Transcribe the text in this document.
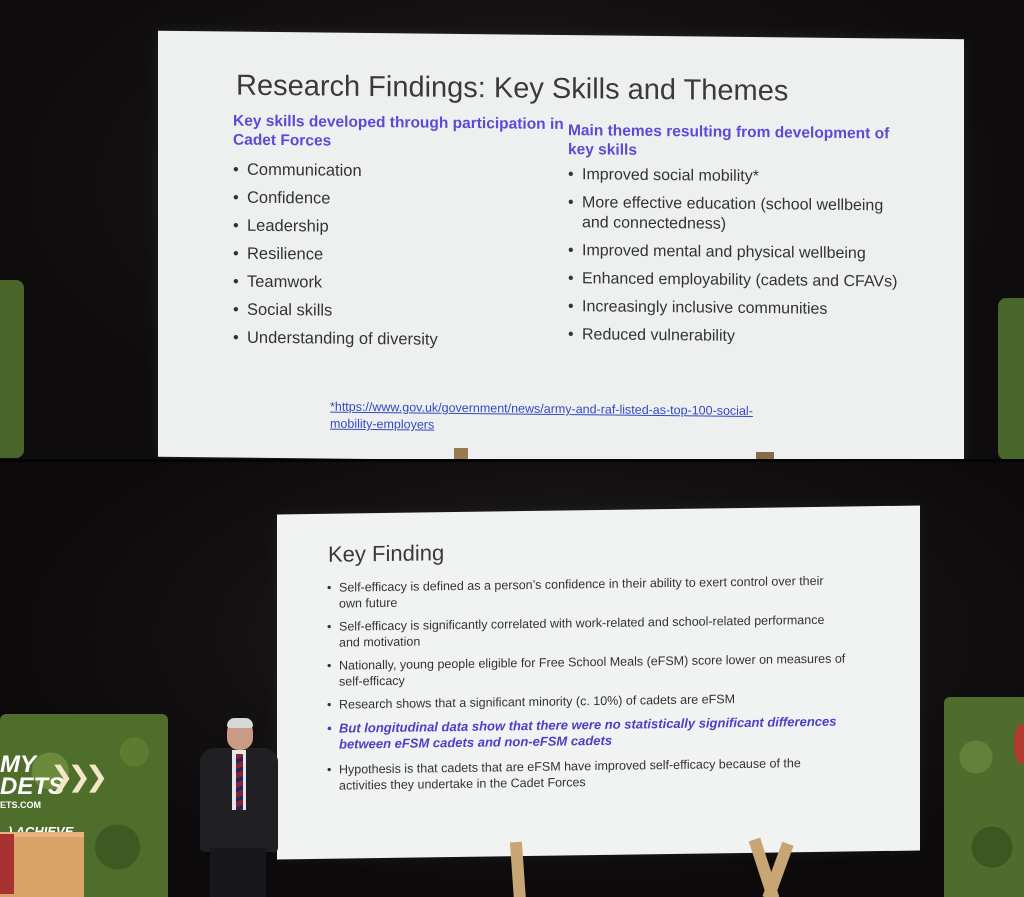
Research Findings: Key Skills and Themes
Key skills developed through participation in Cadet Forces
• Communication
• Confidence
• Leadership
• Resilience
• Teamwork
• Social skills
• Understanding of diversity
Main themes resulting from development of key skills
• Improved social mobility*
• More effective education (school wellbeing and connectedness)
• Improved mental and physical wellbeing
• Enhanced employability (cadets and CFAVs)
• Increasingly inclusive communities
• Reduced vulnerability
*https://www.gov.uk/government/news/army-and-raf-listed-as-top-100-social-mobility-employers
Key Finding
• Self-efficacy is defined as a person’s confidence in their ability to exert control over their own future
• Self-efficacy is significantly correlated with work-related and school-related performance and motivation
• Nationally, young people eligible for Free School Meals (eFSM) score lower on measures of self-efficacy
• Research shows that a significant minority (c. 10%) of cadets are eFSM
• But longitudinal data show that there were no statistically significant differences between eFSM cadets and non-eFSM cadets
• Hypothesis is that cadets that are eFSM have improved self-efficacy because of the activities they undertake in the Cadet Forces
MY
DETS
❯❯❯
ETS.COM
